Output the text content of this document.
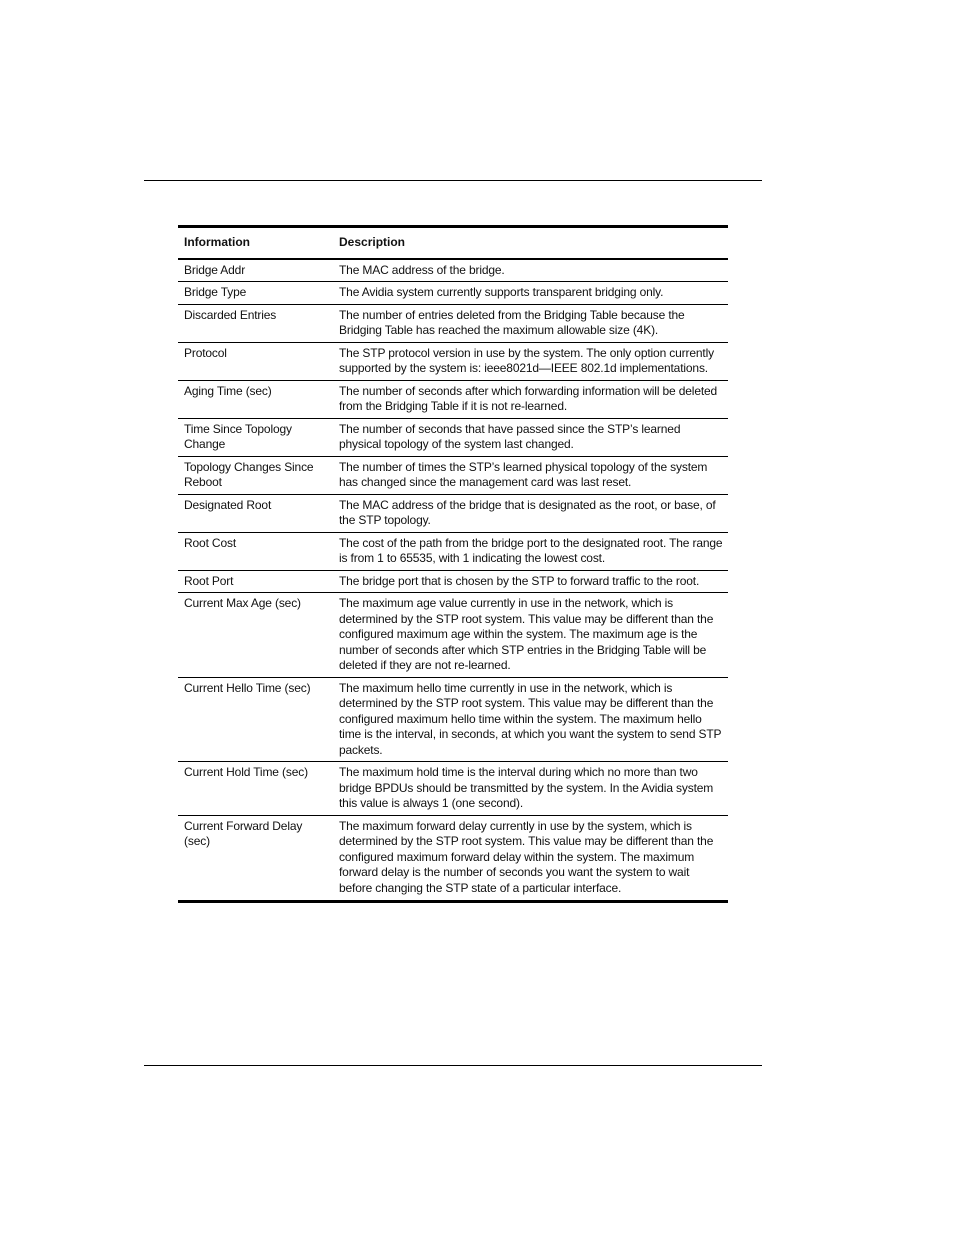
Information	Description
Bridge Addr	The MAC address of the bridge.
Bridge Type	The Avidia system currently supports transparent bridging only.
Discarded Entries	The number of entries deleted from the Bridging Table because the Bridging Table has reached the maximum allowable size (4K).
Protocol	The STP protocol version in use by the system. The only option currently supported by the system is: ieee8021d—IEEE 802.1d implementations.
Aging Time (sec)	The number of seconds after which forwarding information will be deleted from the Bridging Table if it is not re-learned.
Time Since Topology Change	The number of seconds that have passed since the STP’s learned physical topology of the system last changed.
Topology Changes Since Reboot	The number of times the STP’s learned physical topology of the system has changed since the management card was last reset.
Designated Root	The MAC address of the bridge that is designated as the root, or base, of the STP topology.
Root Cost	The cost of the path from the bridge port to the designated root. The range is from 1 to 65535, with 1 indicating the lowest cost.
Root Port	The bridge port that is chosen by the STP to forward traffic to the root.
Current Max Age (sec)	The maximum age value currently in use in the network, which is determined by the STP root system. This value may be different than the configured maximum age within the system. The maximum age is the number of seconds after which STP entries in the Bridging Table will be deleted if they are not re-learned.
Current Hello Time (sec)	The maximum hello time currently in use in the network, which is determined by the STP root system. This value may be different than the configured maximum hello time within the system. The maximum hello time is the interval, in seconds, at which you want the system to send STP packets.
Current Hold Time (sec)	The maximum hold time is the interval during which no more than two bridge BPDUs should be transmitted by the system. In the Avidia system this value is always 1 (one second).
Current Forward Delay (sec)	The maximum forward delay currently in use by the system, which is determined by the STP root system. This value may be different than the configured maximum forward delay within the system. The maximum forward delay is the number of seconds you want the system to wait before changing the STP state of a particular interface.
